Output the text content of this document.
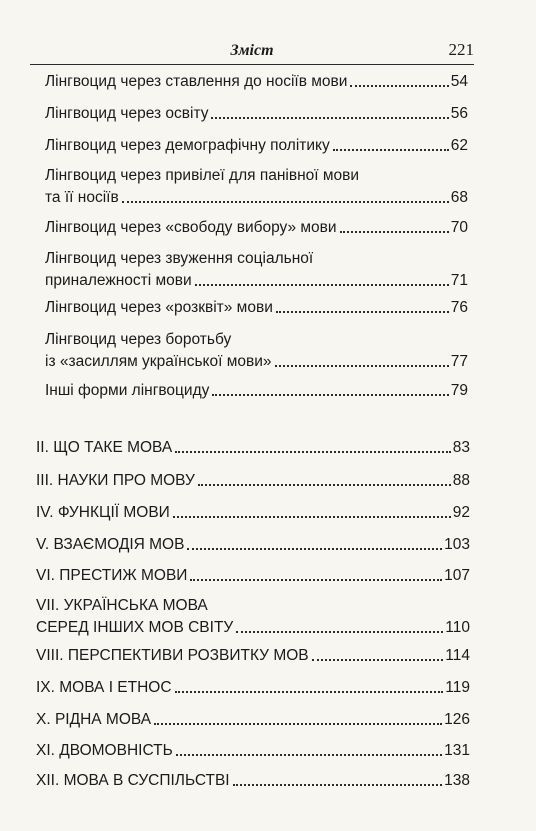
Зміст	221
Лінгвоцид через ставлення до носіїв мови	54
Лінгвоцид через освіту	56
Лінгвоцид через демографічну політику	62
Лінгвоцид через привілеї для панівної мови
та її носіїв	68
Лінгвоцид через «свободу вибору» мови	70
Лінгвоцид через звуження соціальної
приналежності мови	71
Лінгвоцид через «розквіт» мови	76
Лінгвоцид через боротьбу
із «засиллям української мови»	77
Інші форми лінгвоциду	79
II. ЩО ТАКЕ МОВА	83
III. НАУКИ ПРО МОВУ	88
IV. ФУНКЦІЇ МОВИ	92
V. ВЗАЄМОДІЯ МОВ	103
VI. ПРЕСТИЖ МОВИ	107
VII. УКРАЇНСЬКА МОВА
СЕРЕД ІНШИХ МОВ СВІТУ	110
VIII. ПЕРСПЕКТИВИ РОЗВИТКУ МОВ	114
IX. МОВА І ЕТНОС	119
X. РІДНА МОВА	126
XI. ДВОМОВНІСТЬ	131
XII. МОВА В СУСПІЛЬСТВІ	138
